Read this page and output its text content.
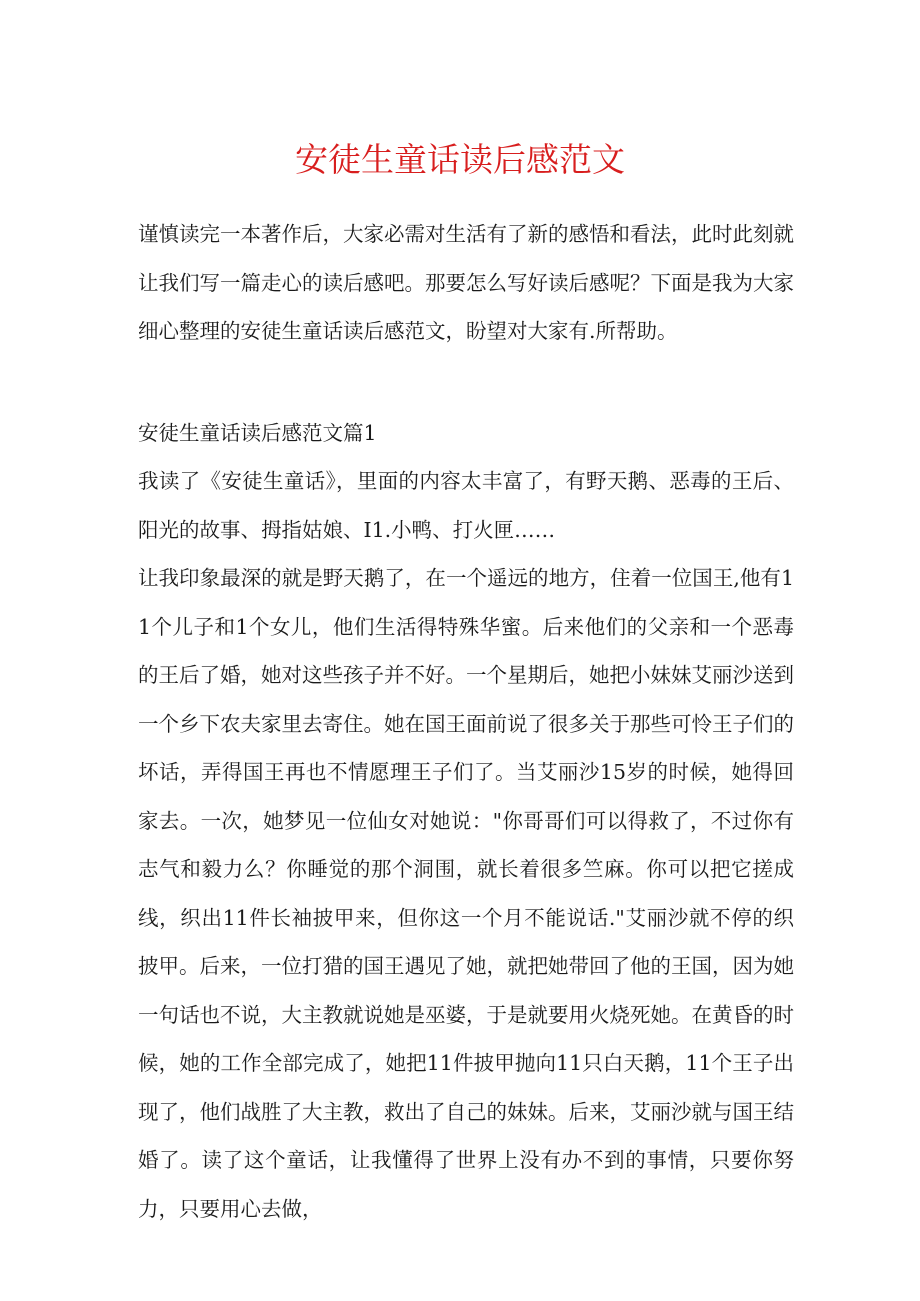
安徒生童话读后感范文

谨慎读完一本著作后，大家必需对生活有了新的感悟和看法，此时此刻就让我们写一篇走心的读后感吧。那要怎么写好读后感呢？下面是我为大家细心整理的安徒生童话读后感范文，盼望对大家有.所帮助。

安徒生童话读后感范文篇1

我读了《安徒生童话》，里面的内容太丰富了，有野天鹅、恶毒的王后、阳光的故事、拇指姑娘、I1.小鸭、打火匣……

让我印象最深的就是野天鹅了，在一个遥远的地方，住着一位国王,他有11个儿子和1个女儿，他们生活得特殊华蜜。后来他们的父亲和一个恶毒的王后了婚，她对这些孩子并不好。一个星期后，她把小妹妹艾丽沙送到一个乡下农夫家里去寄住。她在国王面前说了很多关于那些可怜王子们的坏话，弄得国王再也不情愿理王子们了。当艾丽沙15岁的时候，她得回家去。一次，她梦见一位仙女对她说："你哥哥们可以得救了，不过你有志气和毅力么？你睡觉的那个洞围，就长着很多竺麻。你可以把它搓成线，织出11件长袖披甲来，但你这一个月不能说话."艾丽沙就不停的织披甲。后来，一位打猎的国王遇见了她，就把她带回了他的王国，因为她一句话也不说，大主教就说她是巫婆，于是就要用火烧死她。在黄昏的时候，她的工作全部完成了，她把11件披甲抛向11只白天鹅，11个王子出现了，他们战胜了大主教，救出了自己的妹妹。后来，艾丽沙就与国王结婚了。读了这个童话，让我懂得了世界上没有办不到的事情，只要你努力，只要用心去做，
